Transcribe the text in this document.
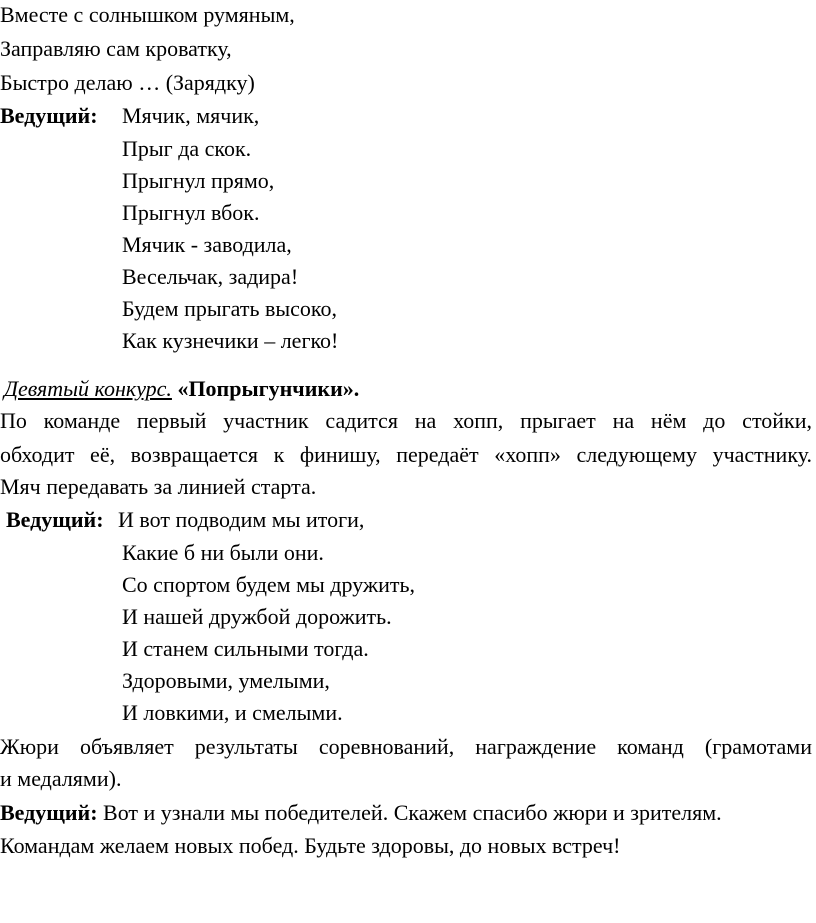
Вместе с солнышком румяным,
Заправляю сам кроватку,
Быстро делаю … (Зарядку)
Ведущий: Мячик, мячик,
Прыг да скок.
Прыгнул прямо,
Прыгнул вбок.
Мячик - заводила,
Весельчак, задира!
Будем прыгать высоко,
Как кузнечики – легко!
Девятый конкурс. «Попрыгунчики».
По команде первый участник садится на хопп, прыгает на нём до стойки,
обходит её, возвращается к финишу, передаёт «хопп» следующему участнику.
Мяч передавать за линией старта.
Ведущий: И вот подводим мы итоги,
Какие б ни были они.
Со спортом будем мы дружить,
И нашей дружбой дорожить.
И станем сильными тогда.
Здоровыми, умелыми,
И ловкими, и смелыми.
Жюри объявляет результаты соревнований, награждение команд (грамотами
и медалями).
Ведущий: Вот и узнали мы победителей. Скажем спасибо жюри и зрителям.
Командам желаем новых побед. Будьте здоровы, до новых встреч!
